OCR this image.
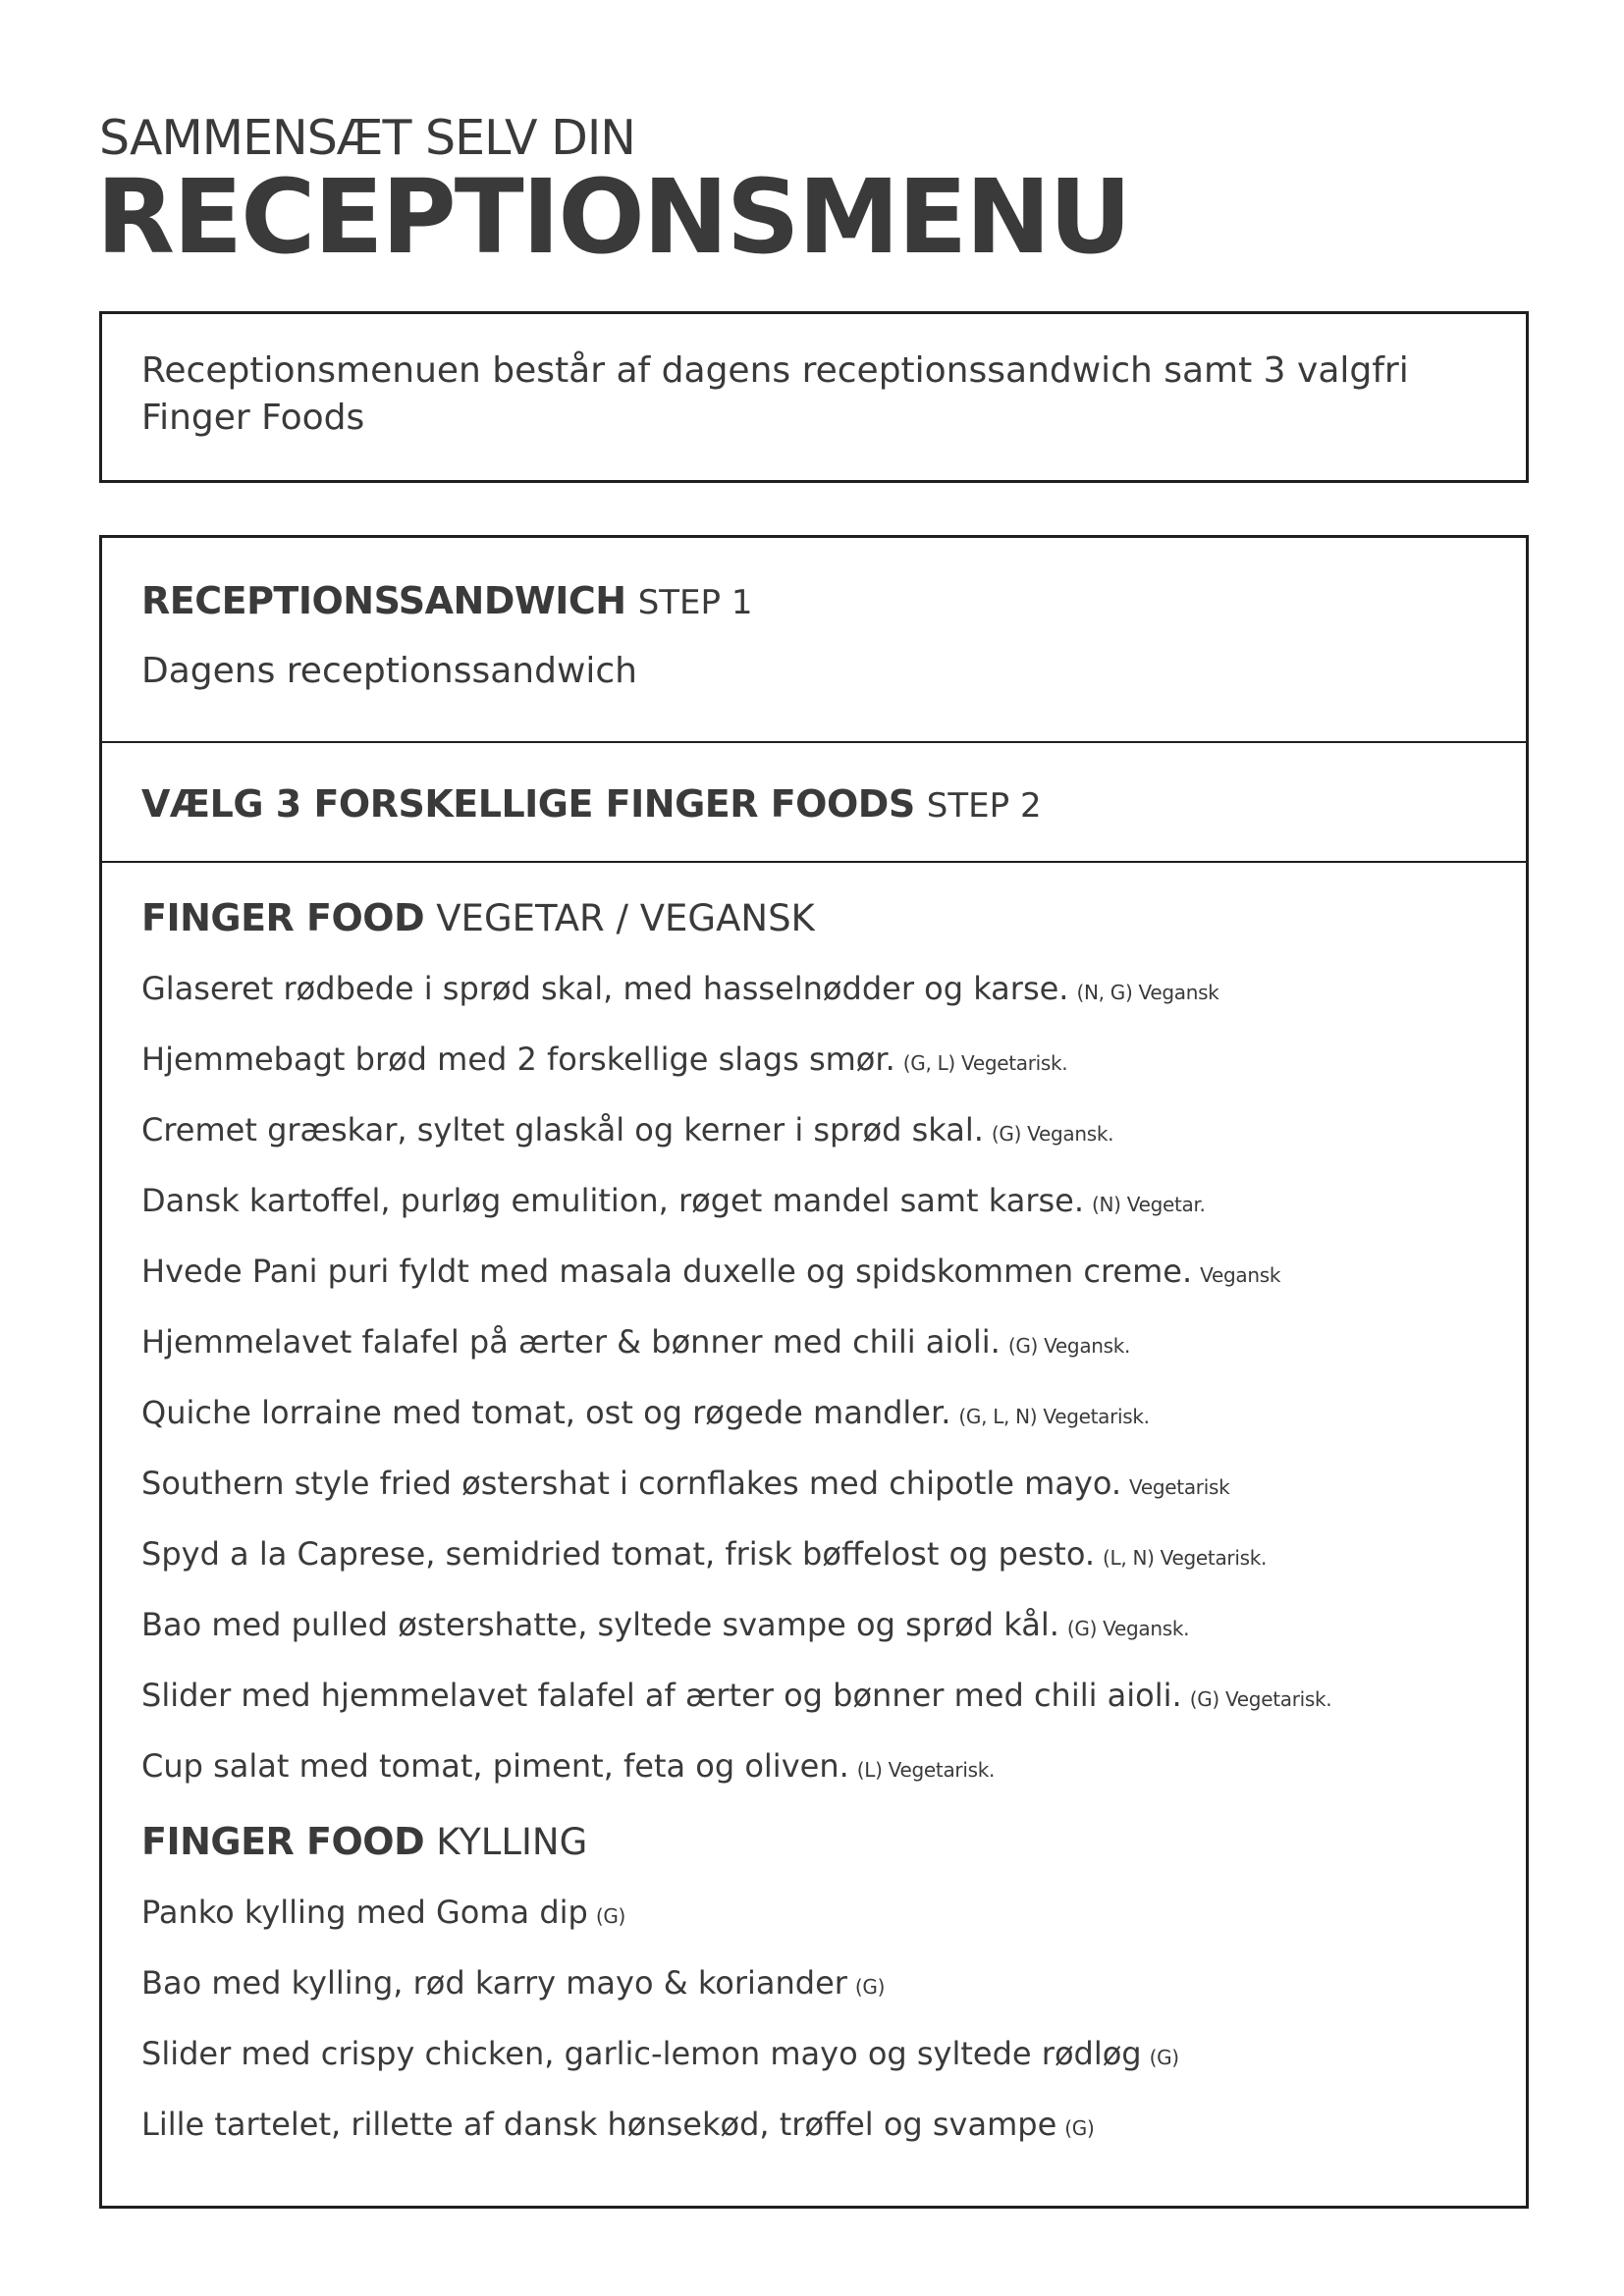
SAMMENSÆT SELV DIN
RECEPTIONSMENU
Receptionsmenuen består af dagens receptionssandwich samt 3 valgfri Finger Foods
RECEPTIONSSANDWICH STEP 1
Dagens receptionssandwich
VÆLG 3 FORSKELLIGE FINGER FOODS STEP 2
FINGER FOOD VEGETAR / VEGANSK
Glaseret rødbede i sprød skal, med hasselnødder og karse. (N, G) Vegansk
Hjemmebagt brød med 2 forskellige slags smør. (G, L) Vegetarisk.
Cremet græskar, syltet glaskål og kerner i sprød skal. (G) Vegansk.
Dansk kartoffel, purløg emulition, røget mandel samt karse. (N) Vegetar.
Hvede Pani puri fyldt med masala duxelle og spidskommen creme. Vegansk
Hjemmelavet falafel på ærter & bønner med chili aioli. (G) Vegansk.
Quiche lorraine med tomat, ost og røgede mandler. (G, L, N) Vegetarisk.
Southern style fried østershat i cornflakes med chipotle mayo. Vegetarisk
Spyd a la Caprese, semidried tomat, frisk bøffelost og pesto. (L, N) Vegetarisk.
Bao med pulled østershatte, syltede svampe og sprød kål. (G) Vegansk.
Slider med hjemmelavet falafel af ærter og bønner med chili aioli. (G) Vegetarisk.
Cup salat med tomat, piment, feta og oliven. (L) Vegetarisk.
FINGER FOOD KYLLING
Panko kylling med Goma dip (G)
Bao med kylling, rød karry mayo & koriander (G)
Slider med crispy chicken, garlic-lemon mayo og syltede rødløg (G)
Lille tartelet, rillette af dansk hønsekød, trøffel og svampe (G)
